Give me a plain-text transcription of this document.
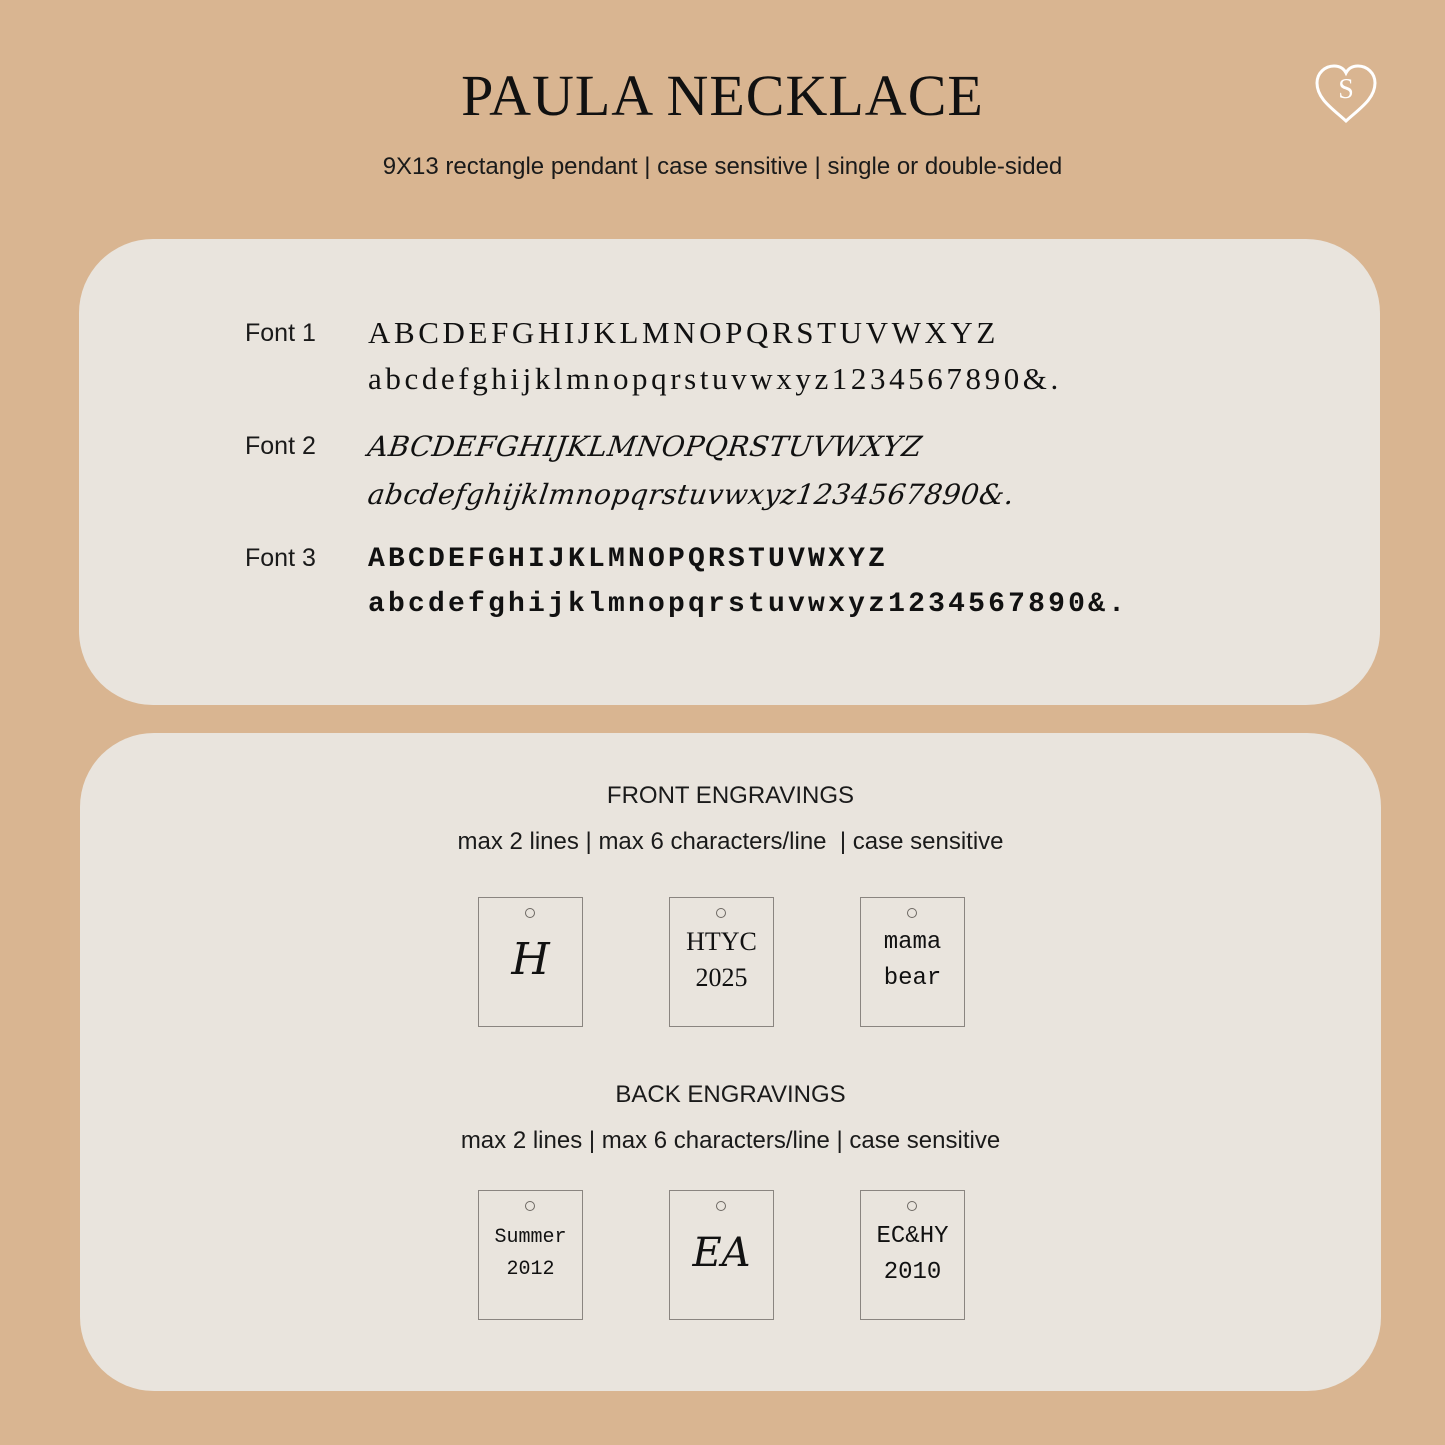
PAULA NECKLACE
9X13 rectangle pendant | case sensitive | single or double-sided
S
Font 1 ABCDEFGHIJKLMNOPQRSTUVWXYZ
abcdefghijklmnopqrstuvwxyz1234567890&.
Font 2 ABCDEFGHIJKLMNOPQRSTUVWXYZ
abcdefghijklmnopqrstuvwxyz1234567890&.
Font 3 ABCDEFGHIJKLMNOPQRSTUVWXYZ
abcdefghijklmnopqrstuvwxyz1234567890&.
FRONT ENGRAVINGS
max 2 lines | max 6 characters/line  | case sensitive
H	HTYC
2025
mama
bear
BACK ENGRAVINGS
max 2 lines | max 6 characters/line | case sensitive
Summer
2012	EA	EC&HY
2010
